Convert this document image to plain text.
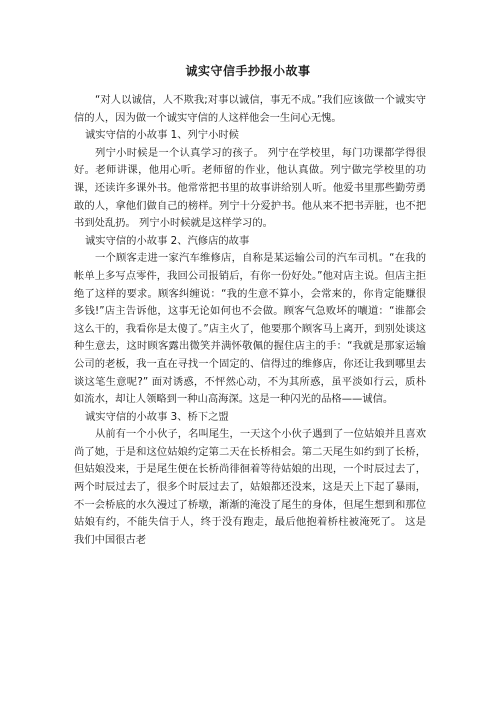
诚实守信手抄报小故事

“对人以诚信，人不欺我;对事以诚信，事无不成。”我们应该做一个诚实守信的人，因为做一个诚实守信的人这样他会一生问心无愧。

诚实守信的小故事 1、列宁小时候

列宁小时候是一个认真学习的孩子。 列宁在学校里，每门功课都学得很好。老师讲课，他用心听。老师留的作业，他认真做。列宁做完学校里的功课，还读许多课外书。他常常把书里的故事讲给别人听。他爱书里那些勤劳勇敢的人，拿他们做自己的榜样。列宁十分爱护书。他从来不把书弄脏，也不把书到处乱扔。 列宁小时候就是这样学习的。

诚实守信的小故事 2、汽修店的故事

一个顾客走进一家汽车维修店，自称是某运输公司的汽车司机。“在我的帐单上多写点零件，我回公司报销后，有你一份好处。”他对店主说。但店主拒绝了这样的要求。顾客纠缠说：“我的生意不算小，会常来的，你肯定能赚很多钱!”店主告诉他，这事无论如何也不会做。顾客气急败坏的嚷道：“谁都会这么干的，我看你是太傻了。”店主火了，他要那个顾客马上离开，到别处谈这种生意去，这时顾客露出微笑并满怀敬佩的握住店主的手：“我就是那家运输公司的老板，我一直在寻找一个固定的、信得过的维修店，你还让我到哪里去谈这笔生意呢?” 面对诱惑，不怦然心动，不为其所惑，虽平淡如行云，质朴如流水，却让人领略到一种山高海深。这是一种闪光的品格——诚信。

诚实守信的小故事 3、桥下之盟

从前有一个小伙子，名叫尾生，一天这个小伙子遇到了一位姑娘并且喜欢尚了她，于是和这位姑娘约定第二天在长桥相会。第二天尾生如约到了长桥，但姑娘没来，于是尾生便在长桥尚徘徊着等待姑娘的出现，一个时辰过去了，两个时辰过去了，很多个时辰过去了，姑娘都还没来，这是天上下起了暴雨，不一会桥底的水久漫过了桥墩，渐渐的淹没了尾生的身体，但尾生想到和那位姑娘有约，不能失信于人，终于没有跑走，最后他抱着桥柱被淹死了。 这是我们中国很古老
